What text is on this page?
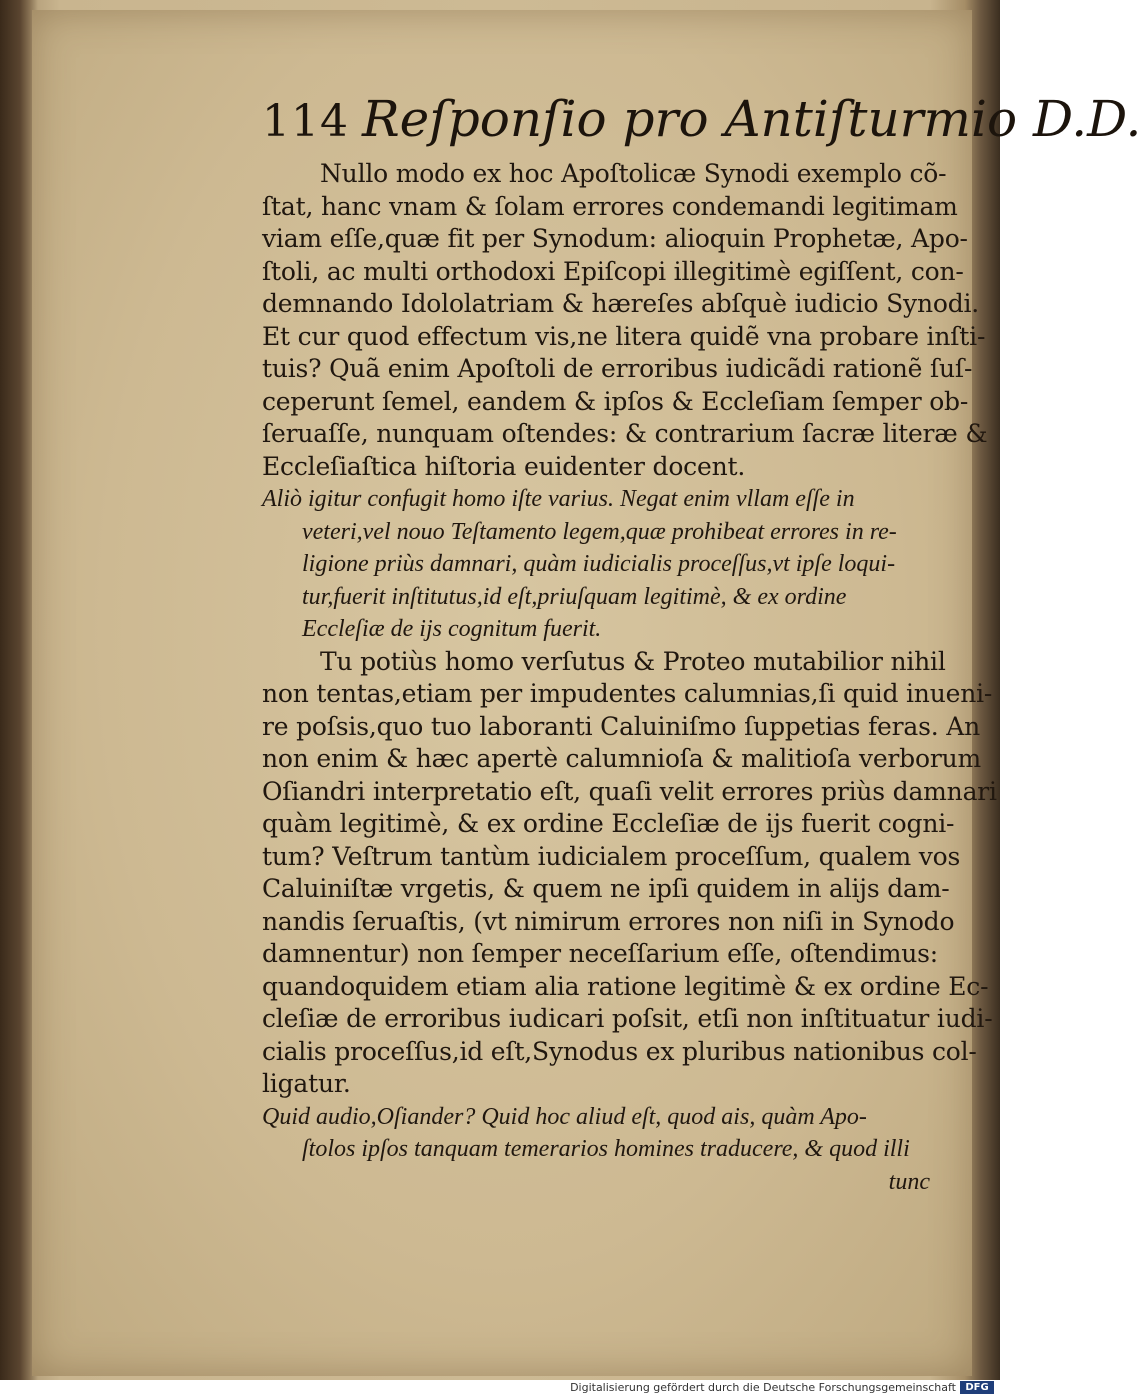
114 Reſponſio pro Antiſturmio D.D.
Nullo modo ex hoc Apoſtolicæ Synodi exemplo cõ-
ſtat, hanc vnam & ſolam errores condemandi legitimam
viam eſſe,quæ fit per Synodum: alioquin Prophetæ, Apo-
ſtoli, ac multi orthodoxi Epiſcopi illegitimè egiſſent, con-
demnando Idololatriam & hæreſes abſquè iudicio Synodi.
Et cur quod effectum vis,ne litera quidẽ vna probare inſti-
tuis? Quã enim Apoſtoli de erroribus iudicãdi rationẽ ſuſ-
ceperunt ſemel, eandem & ipſos & Eccleſiam ſemper ob-
ſeruaſſe, nunquam oſtendes: & contrarium ſacræ literæ &
Eccleſiaſtica hiſtoria euidenter docent.
Aliò igitur confugit homo iſte varius. Negat enim vllam eſſe in
veteri,vel nouo Teſtamento legem,quæ prohibeat errores in re-
ligione priùs damnari, quàm iudicialis proceſſus,vt ipſe loqui-
tur,fuerit inſtitutus,id eſt,priuſquam legitimè, & ex ordine
Eccleſiæ de ijs cognitum fuerit.
Tu potiùs homo verſutus & Proteo mutabilior nihil
non tentas,etiam per impudentes calumnias,ſi quid inueni-
re poſsis,quo tuo laboranti Caluiniſmo ſuppetias feras. An
non enim & hæc apertè calumnioſa & malitioſa verborum
Oſiandri interpretatio eſt, quaſi velit errores priùs damnari
quàm legitimè, & ex ordine Eccleſiæ de ijs fuerit cogni-
tum? Veſtrum tantùm iudicialem proceſſum, qualem vos
Caluiniſtæ vrgetis, & quem ne ipſi quidem in alijs dam-
nandis ſeruaſtis, (vt nimirum errores non niſi in Synodo
damnentur) non ſemper neceſſarium eſſe, oſtendimus:
quandoquidem etiam alia ratione legitimè & ex ordine Ec-
cleſiæ de erroribus iudicari poſsit, etſi non inſtituatur iudi-
cialis proceſſus,id eſt,Synodus ex pluribus nationibus col-
ligatur.
Quid audio,Oſiander? Quid hoc aliud eſt, quod ais, quàm Apo-
ſtolos ipſos tanquam temerarios homines traducere, & quod illi
tunc
Digitalisierung gefördert durch die Deutsche Forschungsgemeinschaft DFG
